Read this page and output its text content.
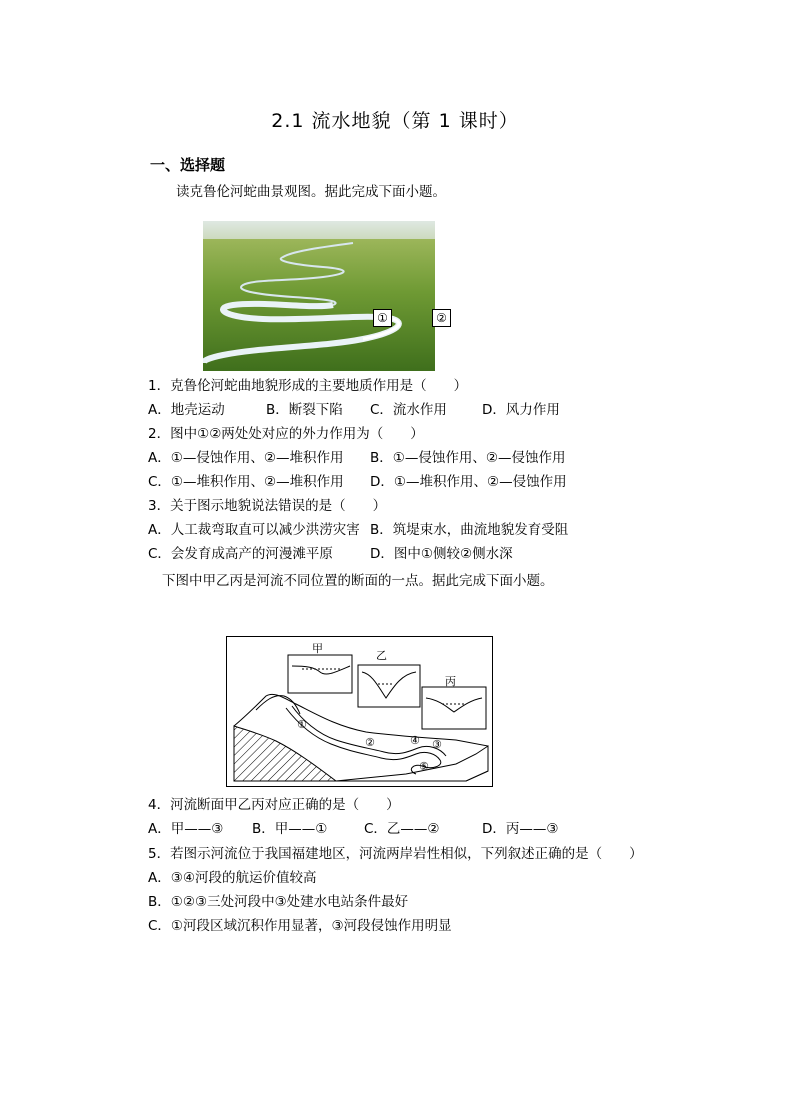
2.1 流水地貌（第 1 课时）
一、选择题
读克鲁伦河蛇曲景观图。据此完成下面小题。
①	②
1．克鲁伦河蛇曲地貌形成的主要地质作用是（　　）
A．地壳运动	B．断裂下陷 C．流水作用	D．风力作用
2．图中①②两处处对应的外力作用为（　　）
A．①—侵蚀作用、②—堆积作用 B．①—侵蚀作用、②—侵蚀作用
C．①—堆积作用、②—堆积作用 D．①—堆积作用、②—侵蚀作用
3．关于图示地貌说法错误的是（　　）
A．人工裁弯取直可以减少洪涝灾害 B．筑堤束水，曲流地貌发育受阻
C．会发育成高产的河漫滩平原	D．图中①侧较②侧水深
下图中甲乙丙是河流不同位置的断面的一点。据此完成下面小题。
甲
乙
丙
①
②	③
④
⑤
4．河流断面甲乙丙对应正确的是（　　）
A．甲——③ B．甲——①	C．乙——②	D．丙——③
5．若图示河流位于我国福建地区，河流两岸岩性相似，下列叙述正确的是（　　）
A．③④河段的航运价值较高
B．①②③三处河段中③处建水电站条件最好
C．①河段区域沉积作用显著，③河段侵蚀作用明显
